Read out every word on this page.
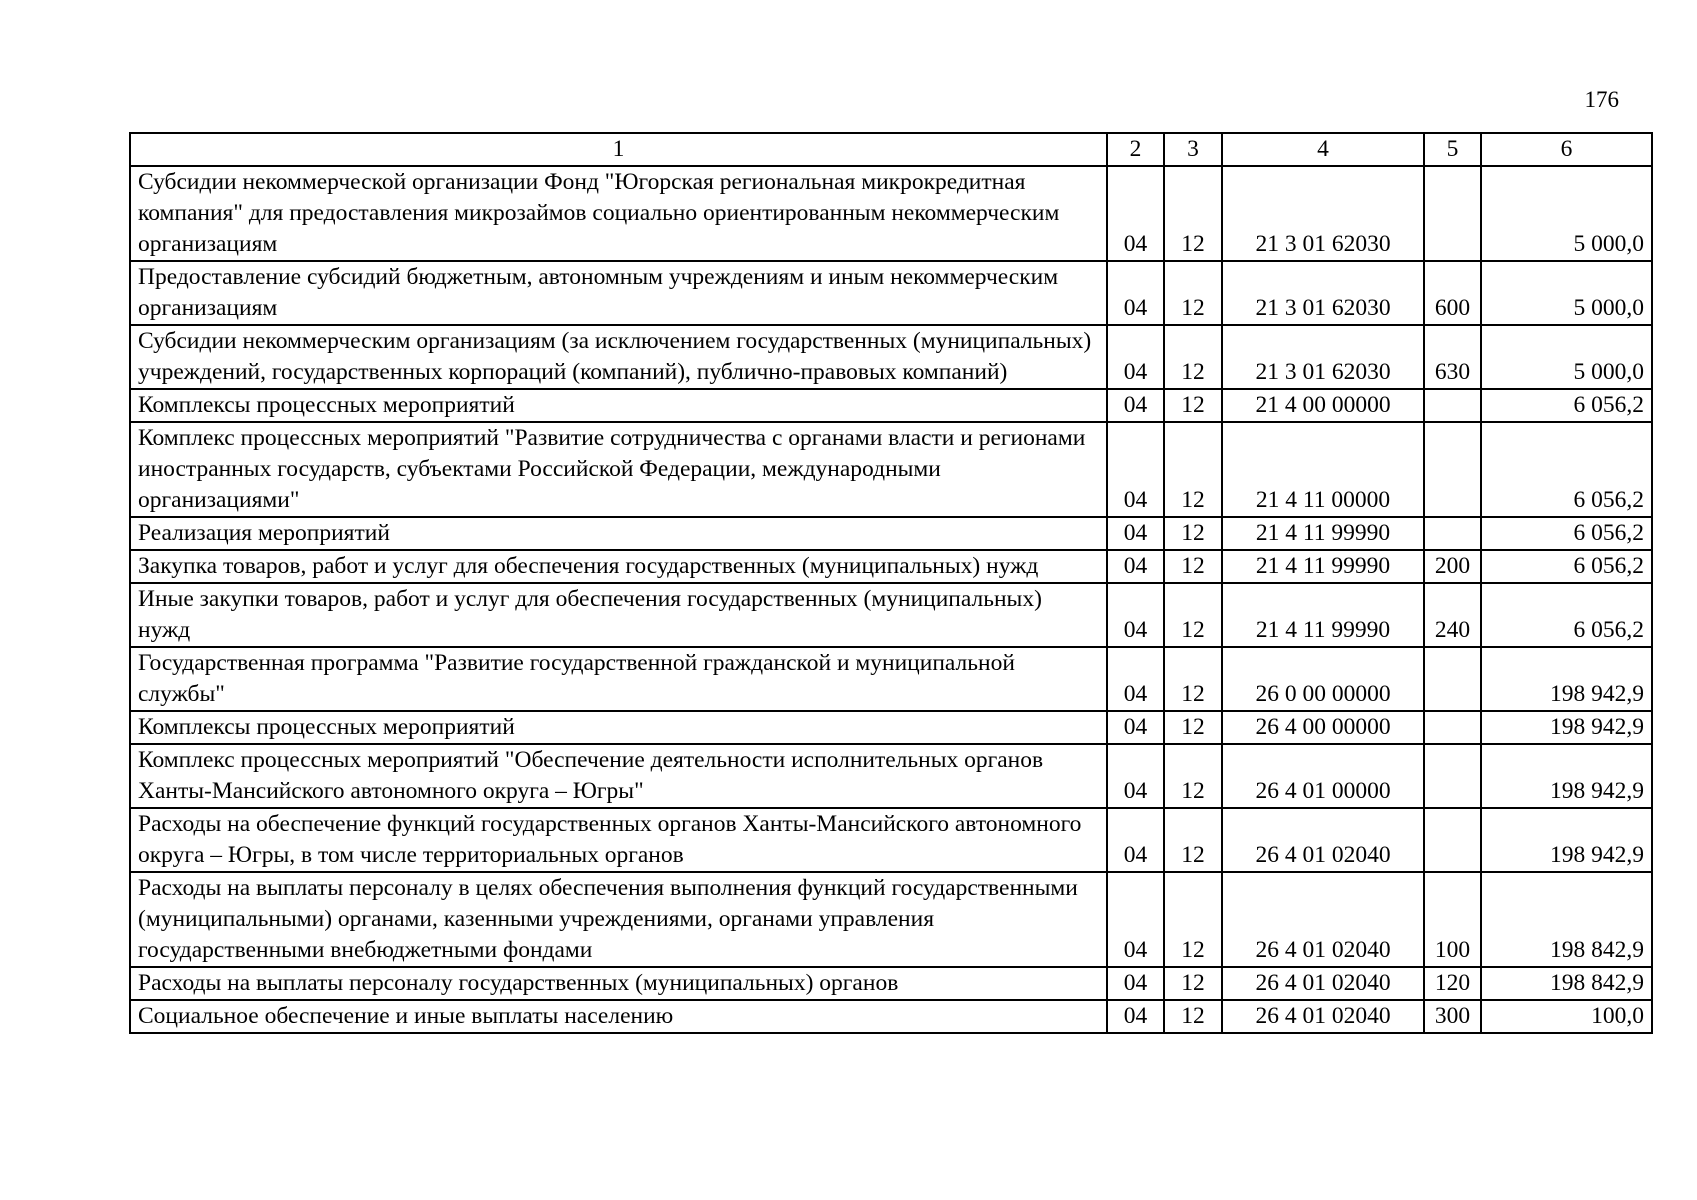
176
1	2	3	4	5	6
Субсидии некоммерческой организации Фонд "Югорская региональная микрокредитная компания" для предоставления микрозаймов социально ориентированным некоммерческим организациям	04	12	21 3 01 62030		5 000,0
Предоставление субсидий бюджетным, автономным учреждениям и иным некоммерческим организациям	04	12	21 3 01 62030	600	5 000,0
Субсидии некоммерческим организациям (за исключением государственных (муниципальных) учреждений, государственных корпораций (компаний), публично-правовых компаний)	04	12	21 3 01 62030	630	5 000,0
Комплексы процессных мероприятий	04	12	21 4 00 00000		6 056,2
Комплекс процессных мероприятий "Развитие сотрудничества с органами власти и регионами иностранных государств, субъектами Российской Федерации, международными организациями"	04	12	21 4 11 00000		6 056,2
Реализация мероприятий	04	12	21 4 11 99990		6 056,2
Закупка товаров, работ и услуг для обеспечения государственных (муниципальных) нужд	04	12	21 4 11 99990	200	6 056,2
Иные закупки товаров, работ и услуг для обеспечения государственных (муниципальных) нужд	04	12	21 4 11 99990	240	6 056,2
Государственная программа "Развитие государственной гражданской и муниципальной службы"	04	12	26 0 00 00000		198 942,9
Комплексы процессных мероприятий	04	12	26 4 00 00000		198 942,9
Комплекс процессных мероприятий "Обеспечение деятельности исполнительных органов Ханты-Мансийского автономного округа – Югры"	04	12	26 4 01 00000		198 942,9
Расходы на обеспечение функций государственных органов Ханты-Мансийского автономного округа – Югры, в том числе территориальных органов	04	12	26 4 01 02040		198 942,9
Расходы на выплаты персоналу в целях обеспечения выполнения функций государственными (муниципальными) органами, казенными учреждениями, органами управления государственными внебюджетными фондами	04	12	26 4 01 02040	100	198 842,9
Расходы на выплаты персоналу государственных (муниципальных) органов	04	12	26 4 01 02040	120	198 842,9
Социальное обеспечение и иные выплаты населению	04	12	26 4 01 02040	300	100,0
